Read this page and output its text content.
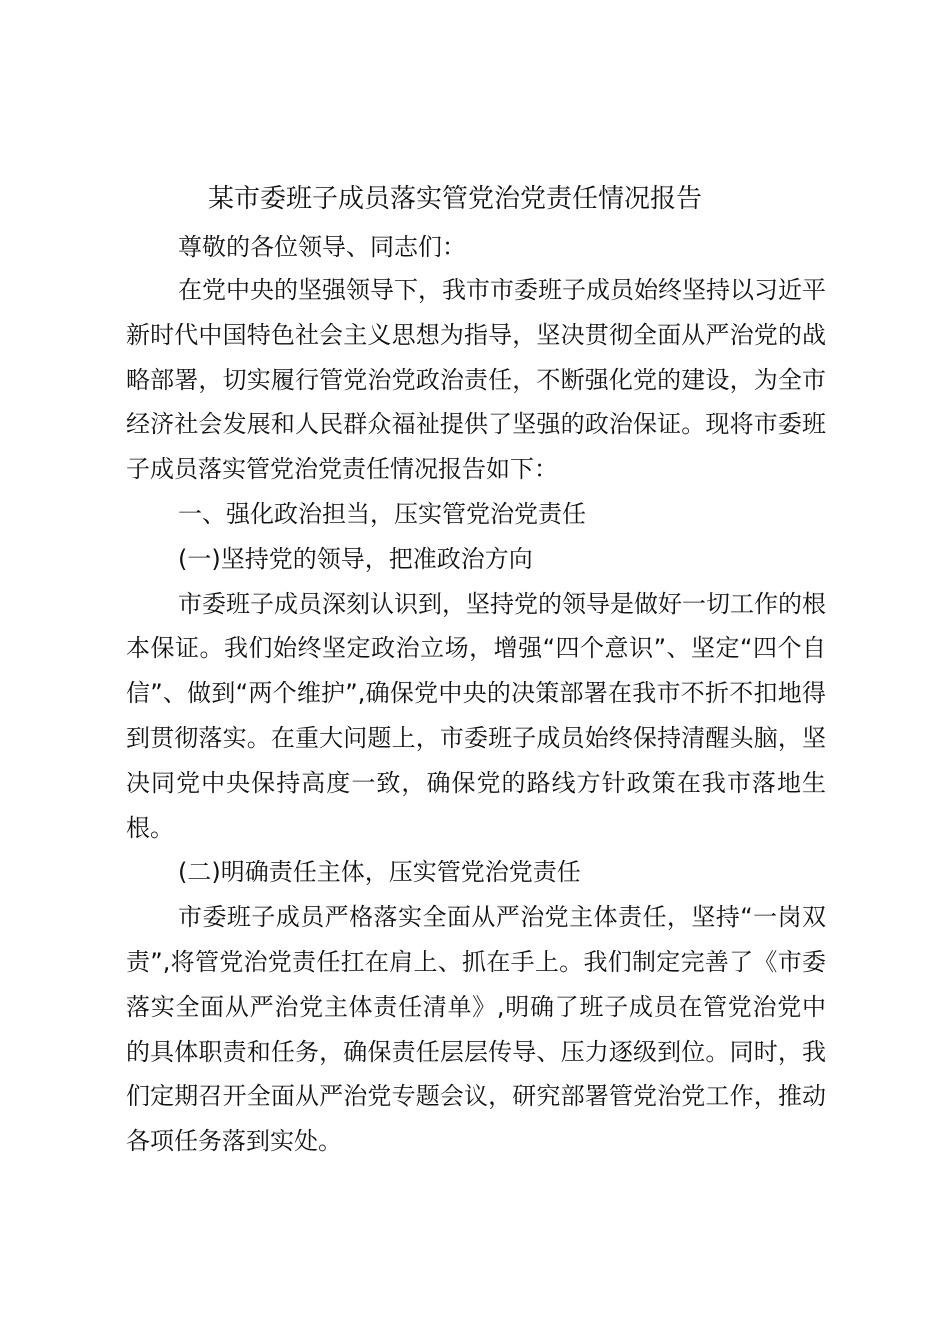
某市委班子成员落实管党治党责任情况报告

尊敬的各位领导、同志们：

在党中央的坚强领导下，我市市委班子成员始终坚持以习近平新时代中国特色社会主义思想为指导，坚决贯彻全面从严治党的战略部署，切实履行管党治党政治责任，不断强化党的建设，为全市经济社会发展和人民群众福祉提供了坚强的政治保证。现将市委班子成员落实管党治党责任情况报告如下：

一、强化政治担当，压实管党治党责任

(一)坚持党的领导，把准政治方向

市委班子成员深刻认识到，坚持党的领导是做好一切工作的根本保证。我们始终坚定政治立场，增强“四个意识”、坚定“四个自信”、做到“两个维护”,确保党中央的决策部署在我市不折不扣地得到贯彻落实。在重大问题上，市委班子成员始终保持清醒头脑，坚决同党中央保持高度一致，确保党的路线方针政策在我市落地生根。

(二)明确责任主体，压实管党治党责任

市委班子成员严格落实全面从严治党主体责任，坚持“一岗双责”,将管党治党责任扛在肩上、抓在手上。我们制定完善了《市委落实全面从严治党主体责任清单》,明确了班子成员在管党治党中的具体职责和任务，确保责任层层传导、压力逐级到位。同时，我们定期召开全面从严治党专题会议，研究部署管党治党工作，推动各项任务落到实处。
